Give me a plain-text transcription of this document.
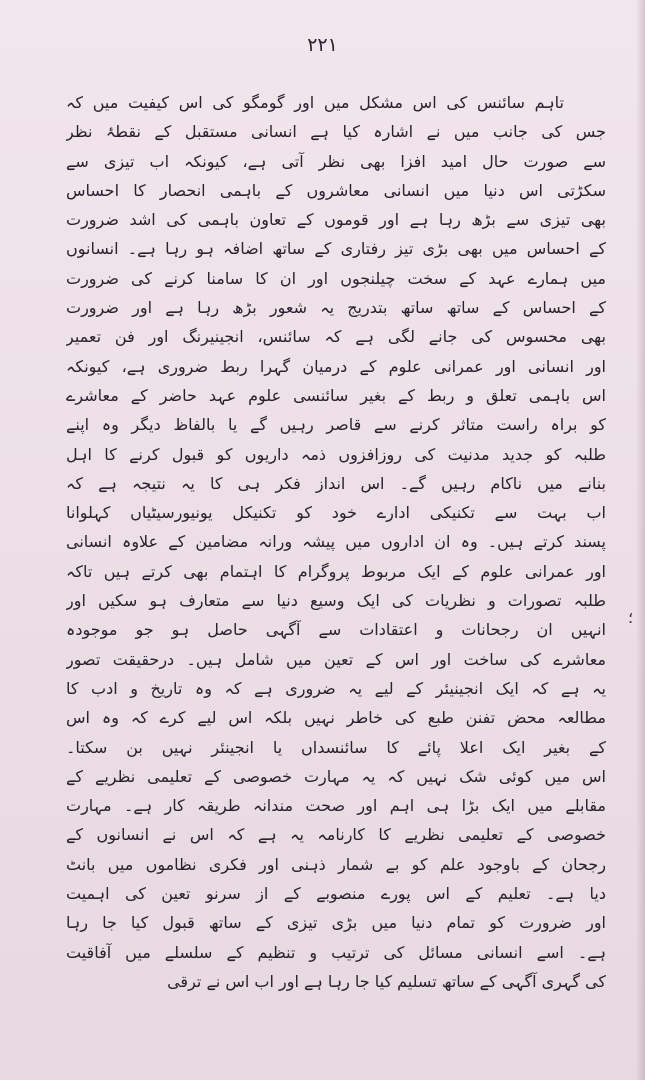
۲۲۱
تاہم سائنس کی اس مشکل میں اور گومگو کی اس کیفیت میں کہ
جس کی جانب میں نے اشارہ کیا ہے انسانی مستقبل کے نقطۂ نظر
سے صورت حال امید افزا بھی نظر آتی ہے، کیونکہ اب تیزی سے
سکڑتی اس دنیا میں انسانی معاشروں کے باہمی انحصار کا احساس
بھی تیزی سے بڑھ رہا ہے اور قوموں کے تعاون باہمی کی اشد ضرورت
کے احساس میں بھی بڑی تیز رفتاری کے ساتھ اضافہ ہو رہا ہے۔ انسانوں
میں ہمارے عہد کے سخت چیلنجوں اور ان کا سامنا کرنے کی ضرورت
کے احساس کے ساتھ ساتھ بتدریج یہ شعور بڑھ رہا ہے اور ضرورت
بھی محسوس کی جانے لگی ہے کہ سائنس، انجینیرنگ اور فن تعمیر
اور انسانی اور عمرانی علوم کے درمیان گہرا ربط ضروری ہے، کیونکہ
اس باہمی تعلق و ربط کے بغیر سائنسی علوم عہد حاضر کے معاشرے
کو براہ راست متاثر کرنے سے قاصر رہیں گے یا بالفاظ دیگر وہ اپنے
طلبہ کو جدید مدنیت کی روزافزوں ذمہ داریوں کو قبول کرنے کا اہل
بنانے میں ناکام رہیں گے۔ اس انداز فکر ہی کا یہ نتیجہ ہے کہ
اب بہت سے تکنیکی ادارے خود کو تکنیکل یونیورسیٹیاں کہلوانا
پسند کرتے ہیں۔ وہ ان اداروں میں پیشہ ورانہ مضامین کے علاوہ انسانی
اور عمرانی علوم کے ایک مربوط پروگرام کا اہتمام بھی کرتے ہیں تاکہ
طلبہ تصورات و نظریات کی ایک وسیع دنیا سے متعارف ہو سکیں اور
انہیں ان رجحانات و اعتقادات سے آگہی حاصل ہو جو موجودہ
معاشرے کی ساخت اور اس کے تعین میں شامل ہیں۔ درحقیقت تصور
یہ ہے کہ ایک انجینیئر کے لیے یہ ضروری ہے کہ وہ تاریخ و ادب کا
مطالعہ محض تفنن طبع کی خاطر نہیں بلکہ اس لیے کرے کہ وہ اس
کے بغیر ایک اعلا پائے کا سائنسداں یا انجینئر نہیں بن سکتا۔
اس میں کوئی شک نہیں کہ یہ مہارت خصوصی کے تعلیمی نظریے کے
مقابلے میں ایک بڑا ہی اہم اور صحت مندانہ طریقہ کار ہے۔ مہارت
خصوصی کے تعلیمی نظریے کا کارنامہ یہ ہے کہ اس نے انسانوں کے
رجحان کے باوجود علم کو بے شمار ذہنی اور فکری نظاموں میں بانٹ
دیا ہے۔ تعلیم کے اس پورے منصوبے کے از سرنو تعین کی اہمیت
اور ضرورت کو تمام دنیا میں بڑی تیزی کے ساتھ قبول کیا جا رہا
ہے۔ اسے انسانی مسائل کی ترتیب و تنظیم کے سلسلے میں آفاقیت
کی گہری آگہی کے ساتھ تسلیم کیا جا رہا ہے اور اب اس نے ترقی
؛
